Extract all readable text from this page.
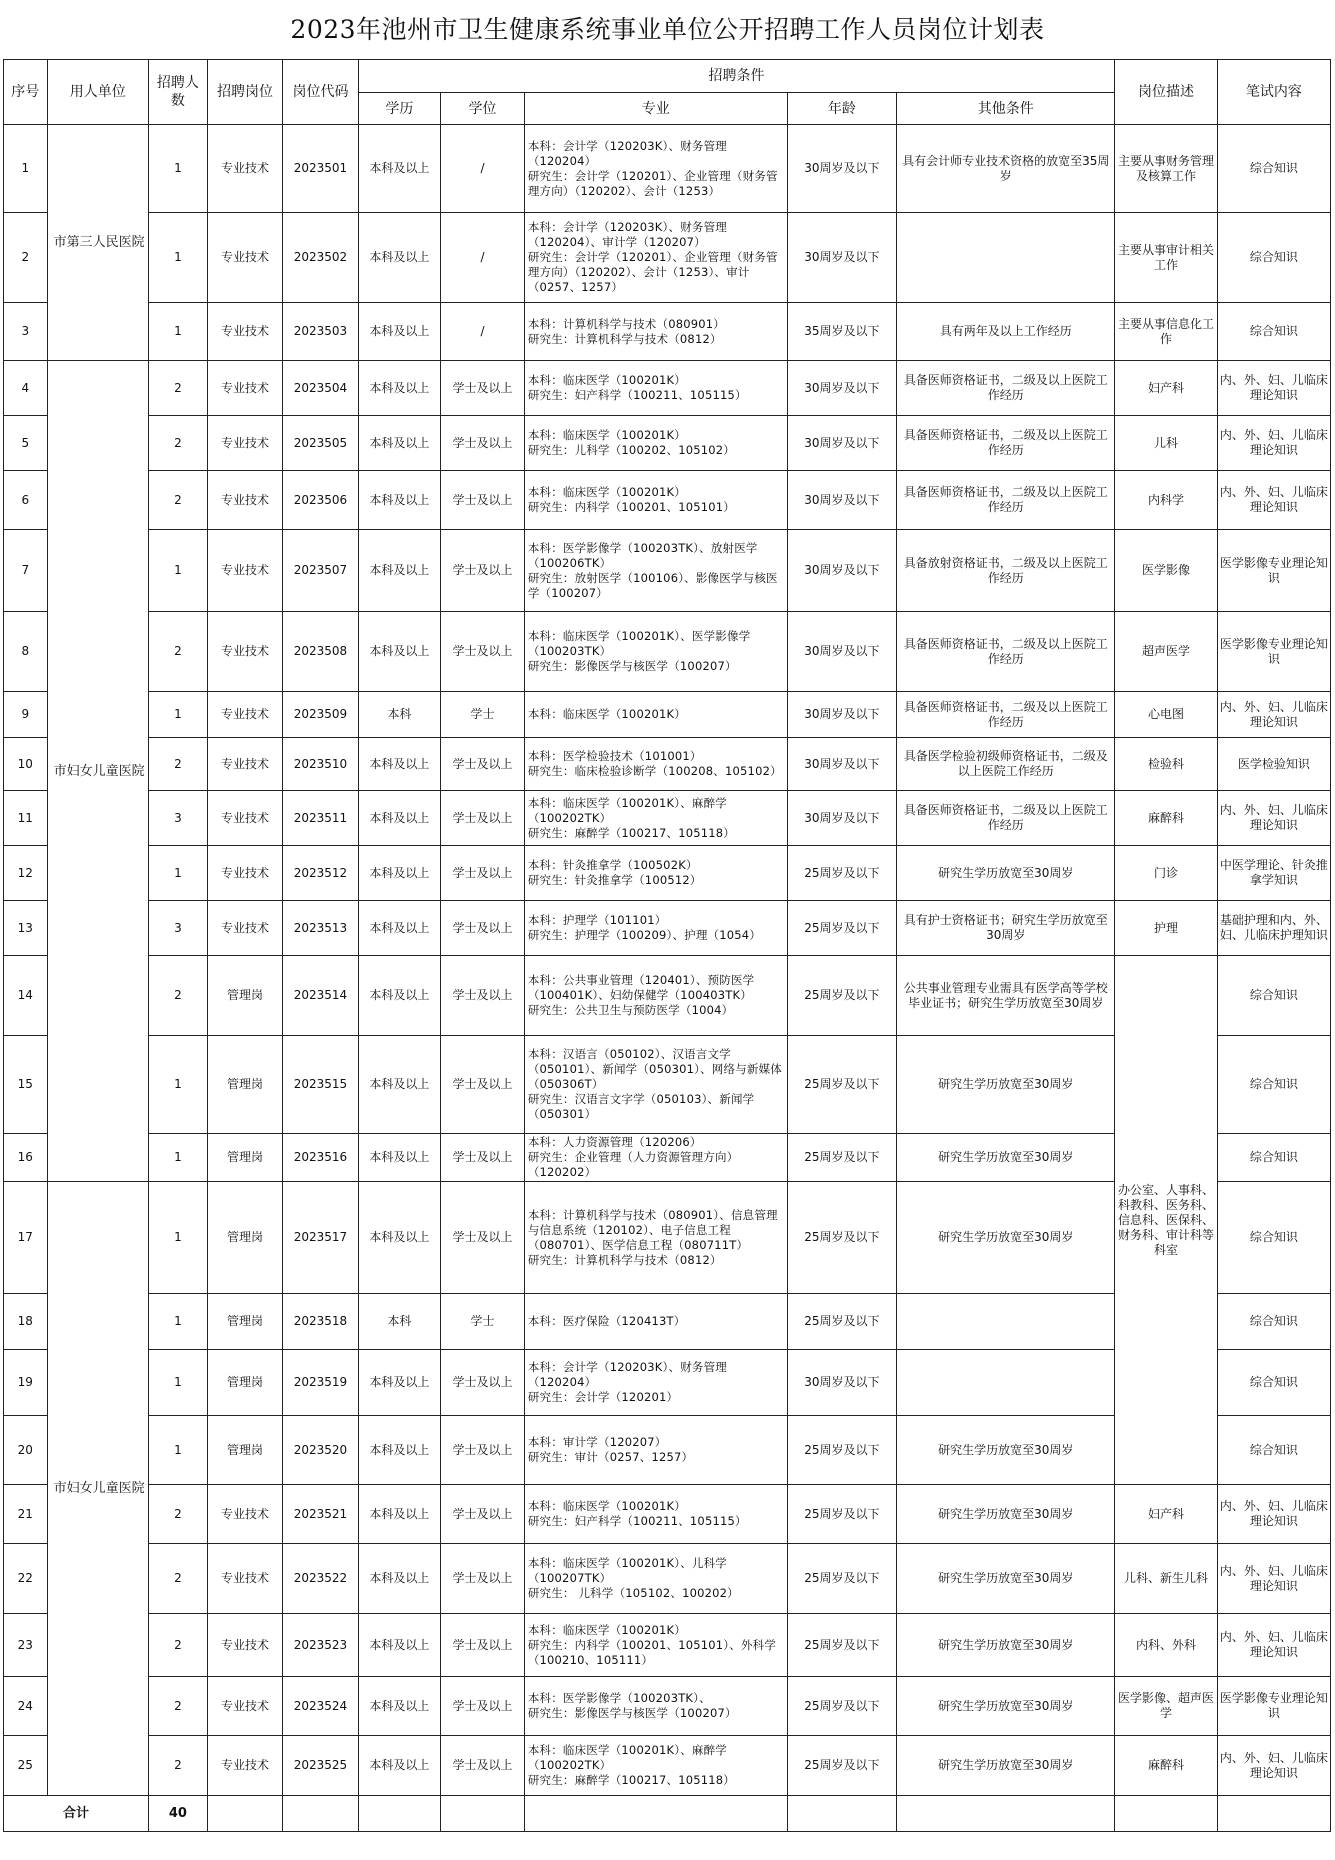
2023年池州市卫生健康系统事业单位公开招聘工作人员岗位计划表
序号	用人单位	招聘人数	招聘岗位	岗位代码	招聘条件					岗位描述	笔试内容
					学历	学位	专业	年龄	其他条件		
1	市第三人民医院	1	专业技术	2023501	本科及以上	/	本科：会计学（120203K）、财务管理（120204）
研究生：会计学（120201）、企业管理（财务管理方向）（120202）、会计（1253）	30周岁及以下	具有会计师专业技术资格的放宽至35周岁	主要从事财务管理及核算工作	综合知识
2		1	专业技术	2023502	本科及以上	/	本科：会计学（120203K）、财务管理（120204）、审计学（120207）
研究生：会计学（120201）、企业管理（财务管理方向）（120202）、会计（1253）、审计（0257、1257）	30周岁及以下		主要从事审计相关工作	综合知识
3		1	专业技术	2023503	本科及以上	/	本科：计算机科学与技术（080901）
研究生：计算机科学与技术（0812）	35周岁及以下	具有两年及以上工作经历	主要从事信息化工作	综合知识
4	市妇女儿童医院	2	专业技术	2023504	本科及以上	学士及以上	本科：临床医学（100201K）
研究生：妇产科学（100211、105115）	30周岁及以下	具备医师资格证书，二级及以上医院工作经历	妇产科	内、外、妇、儿临床理论知识
5		2	专业技术	2023505	本科及以上	学士及以上	本科：临床医学（100201K）
研究生：儿科学（100202、105102）	30周岁及以下	具备医师资格证书，二级及以上医院工作经历	儿科	内、外、妇、儿临床理论知识
6		2	专业技术	2023506	本科及以上	学士及以上	本科：临床医学（100201K）
研究生：内科学（100201、105101）	30周岁及以下	具备医师资格证书，二级及以上医院工作经历	内科学	内、外、妇、儿临床理论知识
7		1	专业技术	2023507	本科及以上	学士及以上	本科：医学影像学（100203TK）、放射医学（100206TK）
研究生：放射医学（100106）、影像医学与核医学（100207）	30周岁及以下	具备放射资格证书，二级及以上医院工作经历	医学影像	医学影像专业理论知识
8		2	专业技术	2023508	本科及以上	学士及以上	本科：临床医学（100201K）、医学影像学（100203TK）
研究生：影像医学与核医学（100207）	30周岁及以下	具备医师资格证书，二级及以上医院工作经历	超声医学	医学影像专业理论知识
9		1	专业技术	2023509	本科	学士	本科：临床医学（100201K）	30周岁及以下	具备医师资格证书，二级及以上医院工作经历	心电图	内、外、妇、儿临床理论知识
10		2	专业技术	2023510	本科及以上	学士及以上	本科：医学检验技术（101001）
研究生：临床检验诊断学（100208、105102）	30周岁及以下	具备医学检验初级师资格证书，二级及以上医院工作经历	检验科	医学检验知识
11		3	专业技术	2023511	本科及以上	学士及以上	本科：临床医学（100201K）、麻醉学（100202TK）
研究生：麻醉学（100217、105118）	30周岁及以下	具备医师资格证书，二级及以上医院工作经历	麻醉科	内、外、妇、儿临床理论知识
12		1	专业技术	2023512	本科及以上	学士及以上	本科：针灸推拿学（100502K）
研究生：针灸推拿学（100512）	25周岁及以下	研究生学历放宽至30周岁	门诊	中医学理论、针灸推拿学知识
13		3	专业技术	2023513	本科及以上	学士及以上	本科：护理学（101101）
研究生：护理学（100209）、护理（1054）	25周岁及以下	具有护士资格证书；研究生学历放宽至30周岁	护理	基础护理和内、外、妇、儿临床护理知识
14		2	管理岗	2023514	本科及以上	学士及以上	本科：公共事业管理（120401）、预防医学（100401K）、妇幼保健学（100403TK）
研究生：公共卫生与预防医学（1004）	25周岁及以下	公共事业管理专业需具有医学高等学校毕业证书；研究生学历放宽至30周岁	办公室、人事科、科教科、医务科、信息科、医保科、财务科、审计科等科室	综合知识
15		1	管理岗	2023515	本科及以上	学士及以上	本科：汉语言（050102）、汉语言文学（050101）、新闻学（050301）、网络与新媒体（050306T）
研究生：汉语言文字学（050103）、新闻学（050301）	25周岁及以下	研究生学历放宽至30周岁		综合知识
16		1	管理岗	2023516	本科及以上	学士及以上	本科：人力资源管理（120206）
研究生：企业管理（人力资源管理方向）（120202）	25周岁及以下	研究生学历放宽至30周岁		综合知识
17	市妇女儿童医院	1	管理岗	2023517	本科及以上	学士及以上	本科：计算机科学与技术（080901）、信息管理与信息系统（120102）、电子信息工程（080701）、医学信息工程（080711T）
研究生：计算机科学与技术（0812）	25周岁及以下	研究生学历放宽至30周岁		综合知识
18		1	管理岗	2023518	本科	学士	本科：医疗保险（120413T）	25周岁及以下			综合知识
19		1	管理岗	2023519	本科及以上	学士及以上	本科：会计学（120203K）、财务管理（120204）
研究生：会计学（120201）	30周岁及以下			综合知识
20		1	管理岗	2023520	本科及以上	学士及以上	本科：审计学（120207）
研究生：审计（0257、1257）	25周岁及以下	研究生学历放宽至30周岁		综合知识
21		2	专业技术	2023521	本科及以上	学士及以上	本科：临床医学（100201K）
研究生：妇产科学（100211、105115）	25周岁及以下	研究生学历放宽至30周岁	妇产科	内、外、妇、儿临床理论知识
22		2	专业技术	2023522	本科及以上	学士及以上	本科：临床医学（100201K）、儿科学（100207TK）
研究生： 儿科学（105102、100202）	25周岁及以下	研究生学历放宽至30周岁	儿科、新生儿科	内、外、妇、儿临床理论知识
23		2	专业技术	2023523	本科及以上	学士及以上	本科：临床医学（100201K）
研究生：内科学（100201、105101）、外科学（100210、105111）	25周岁及以下	研究生学历放宽至30周岁	内科、外科	内、外、妇、儿临床理论知识
24		2	专业技术	2023524	本科及以上	学士及以上	本科：医学影像学（100203TK）、
研究生：影像医学与核医学（100207）	25周岁及以下	研究生学历放宽至30周岁	医学影像、超声医学	医学影像专业理论知识
25		2	专业技术	2023525	本科及以上	学士及以上	本科：临床医学（100201K）、麻醉学（100202TK）
研究生：麻醉学（100217、105118）	25周岁及以下	研究生学历放宽至30周岁	麻醉科	内、外、妇、儿临床理论知识
合计		40									
